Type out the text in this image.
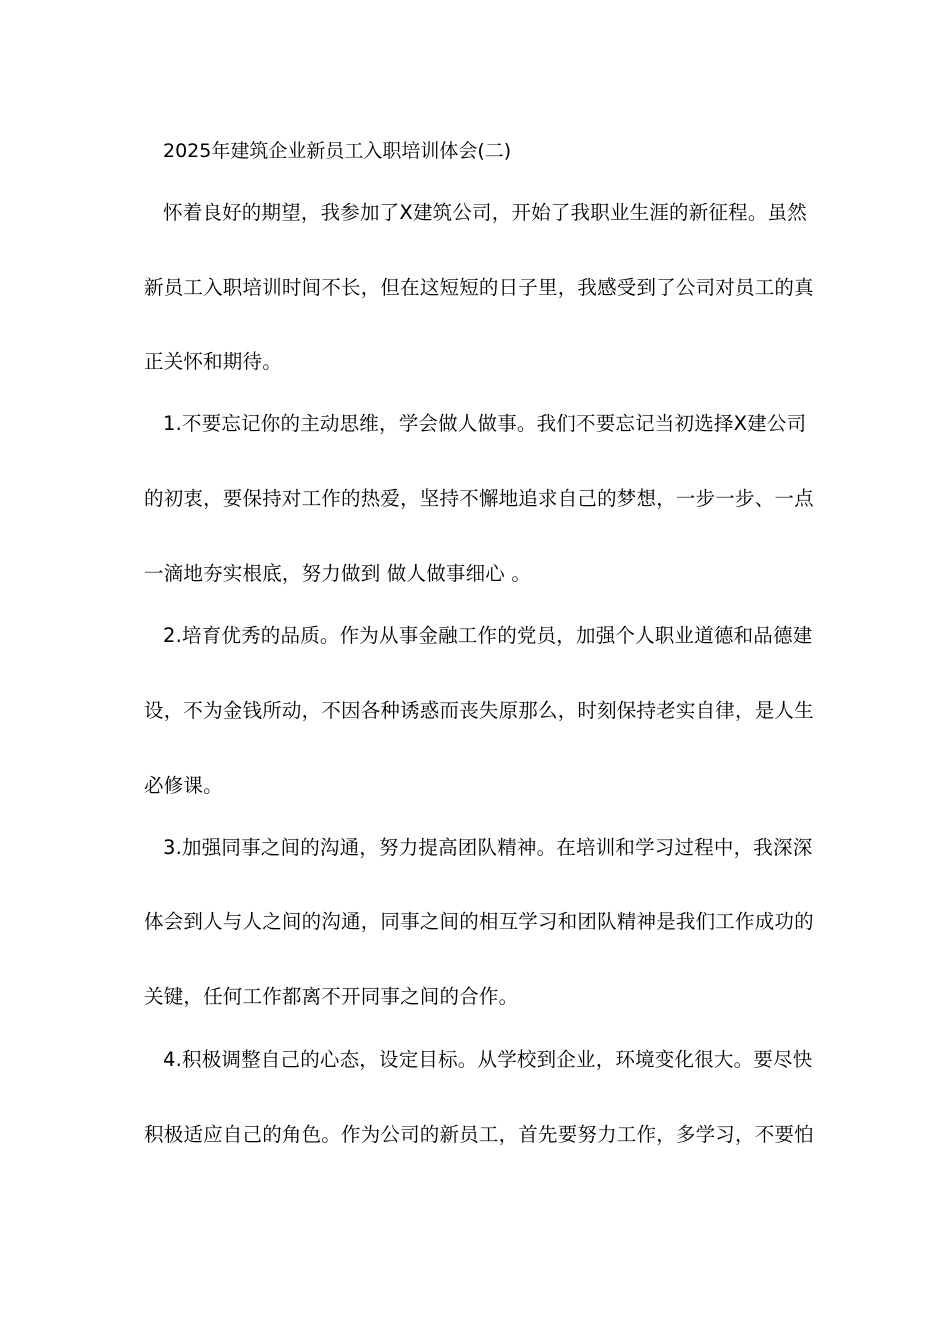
2025年建筑企业新员工入职培训体会(二)
怀着良好的期望，我参加了X建筑公司，开始了我职业生涯的新征程。虽然
新员工入职培训时间不长，但在这短短的日子里，我感受到了公司对员工的真
正关怀和期待。
1.不要忘记你的主动思维，学会做人做事。我们不要忘记当初选择X建公司
的初衷，要保持对工作的热爱，坚持不懈地追求自己的梦想，一步一步、一点
一滴地夯实根底，努力做到 做人做事细心 。
2.培育优秀的品质。作为从事金融工作的党员，加强个人职业道德和品德建
设，不为金钱所动，不因各种诱惑而丧失原那么，时刻保持老实自律，是人生
必修课。
3.加强同事之间的沟通，努力提高团队精神。在培训和学习过程中，我深深
体会到人与人之间的沟通，同事之间的相互学习和团队精神是我们工作成功的
关键，任何工作都离不开同事之间的合作。
4.积极调整自己的心态，设定目标。从学校到企业，环境变化很大。要尽快
积极适应自己的角色。作为公司的新员工，首先要努力工作，多学习，不要怕
